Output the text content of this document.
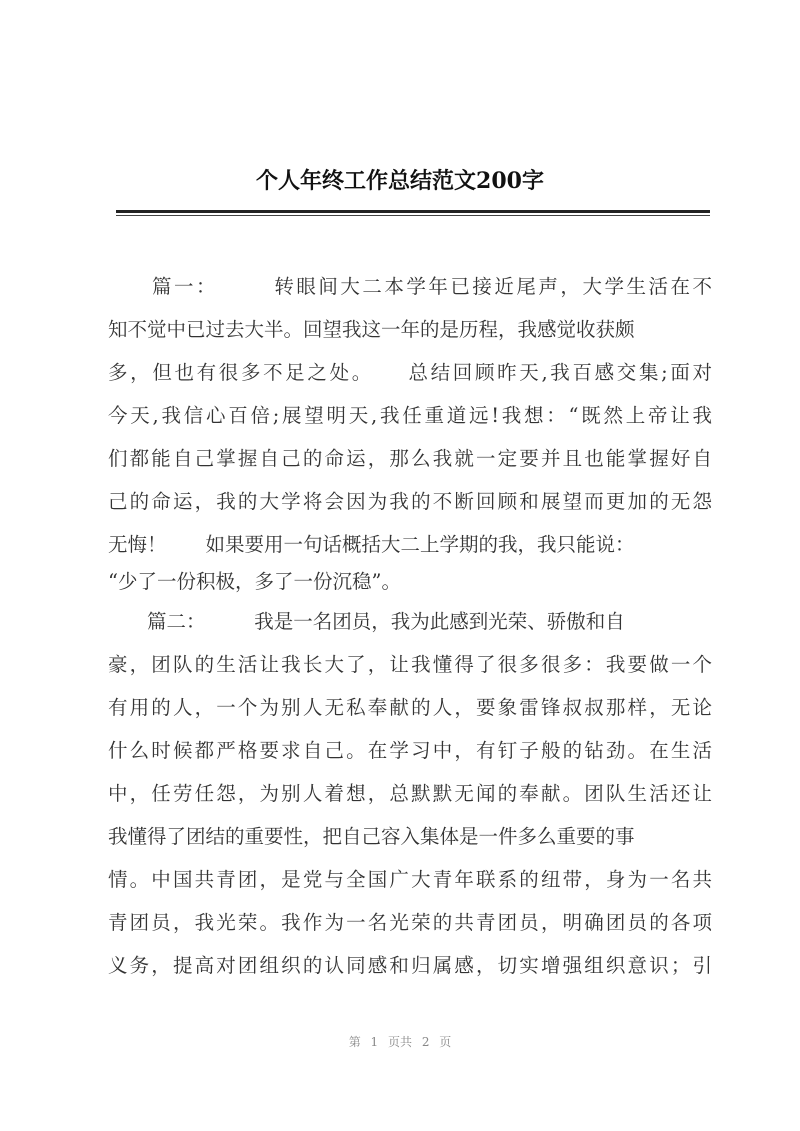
个人年终工作总结范文200字
　　篇一：　　　转眼间大二本学年已接近尾声，大学生活在不
知不觉中已过去大半。回望我这一年的是历程，我感觉收获颇
多，但也有很多不足之处。　　总结回顾昨天,我百感交集;面对
今天,我信心百倍;展望明天,我任重道远!我想：“既然上帝让我
们都能自己掌握自己的命运，那么我就一定要并且也能掌握好自
己的命运，我的大学将会因为我的不断回顾和展望而更加的无怨
无悔！　　如果要用一句话概括大二上学期的我，我只能说：
“少了一份积极，多了一份沉稳”。
　　篇二：　　　我是一名团员，我为此感到光荣、骄傲和自
豪，团队的生活让我长大了，让我懂得了很多很多：我要做一个
有用的人，一个为别人无私奉献的人，要象雷锋叔叔那样，无论
什么时候都严格要求自己。在学习中，有钉子般的钻劲。在生活
中，任劳任怨，为别人着想，总默默无闻的奉献。团队生活还让
我懂得了团结的重要性，把自己容入集体是一件多么重要的事
情。中国共青团，是党与全国广大青年联系的纽带，身为一名共
青团员，我光荣。我作为一名光荣的共青团员，明确团员的各项
义务，提高对团组织的认同感和归属感，切实增强组织意识；引
第 1 页共 2 页
